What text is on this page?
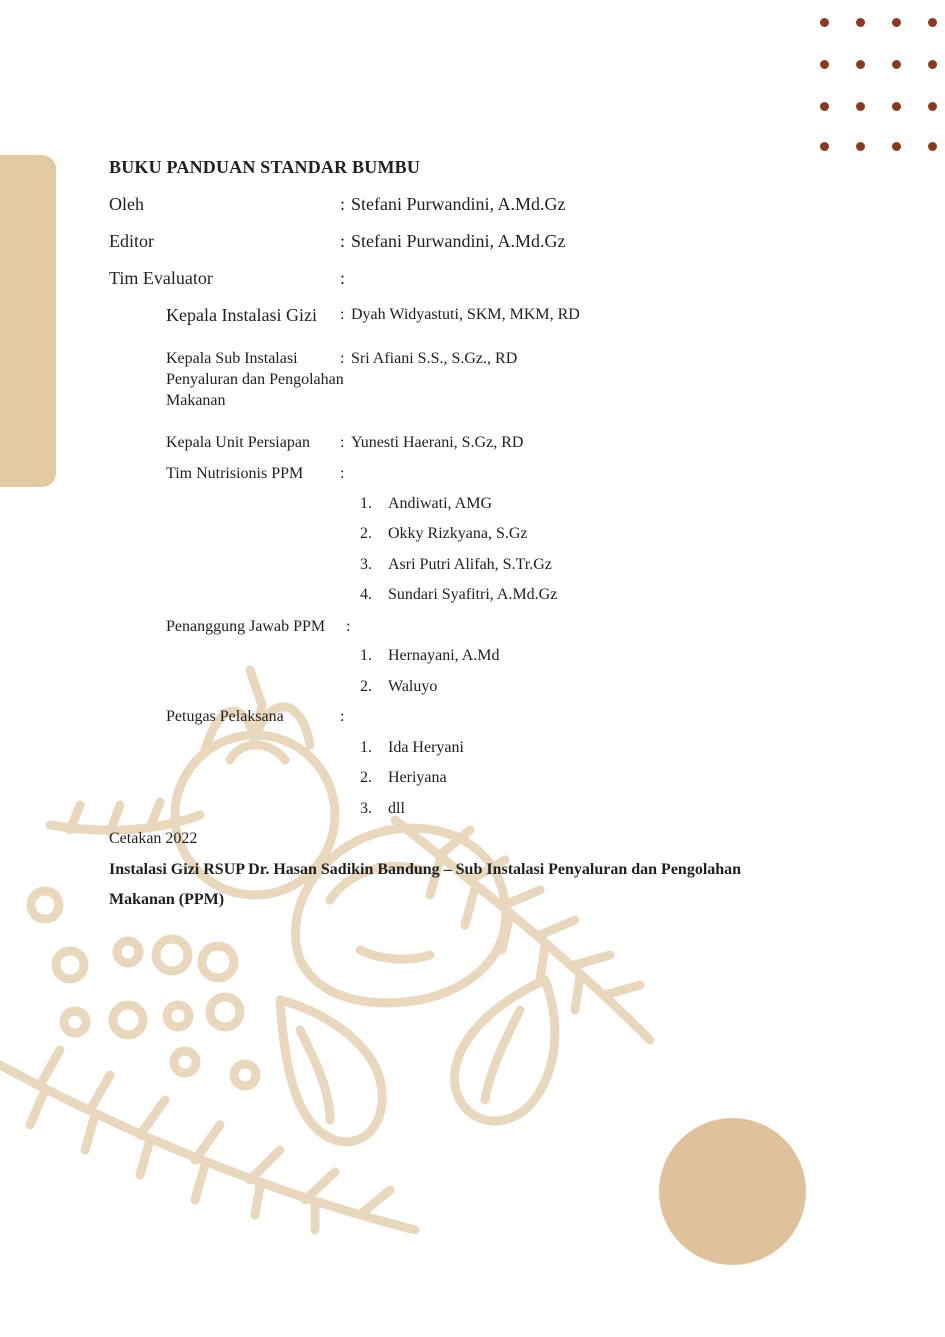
BUKU PANDUAN STANDAR BUMBU
Oleh	: Stefani Purwandini, A.Md.Gz
Editor	: Stefani Purwandini, A.Md.Gz
Tim Evaluator	:
Kepala Instalasi Gizi : Dyah Widyastuti, SKM, MKM, RD
Kepala Sub Instalasi
Penyaluran dan Pengolahan
Makanan
: Sri Afiani S.S., S.Gz., RD
Kepala Unit Persiapan : Yunesti Haerani, S.Gz, RD
Tim Nutrisionis PPM :
1. Andiwati, AMG
2. Okky Rizkyana, S.Gz
3. Asri Putri Alifah, S.Tr.Gz
4. Sundari Syafitri, A.Md.Gz
Penanggung Jawab PPM :
1. Hernayani, A.Md
2. Waluyo
Petugas Pelaksana	:
1. Ida Heryani
2. Heriyana
3. dll
Cetakan 2022
Instalasi Gizi RSUP Dr. Hasan Sadikin Bandung – Sub Instalasi Penyaluran dan Pengolahan
Makanan (PPM)
